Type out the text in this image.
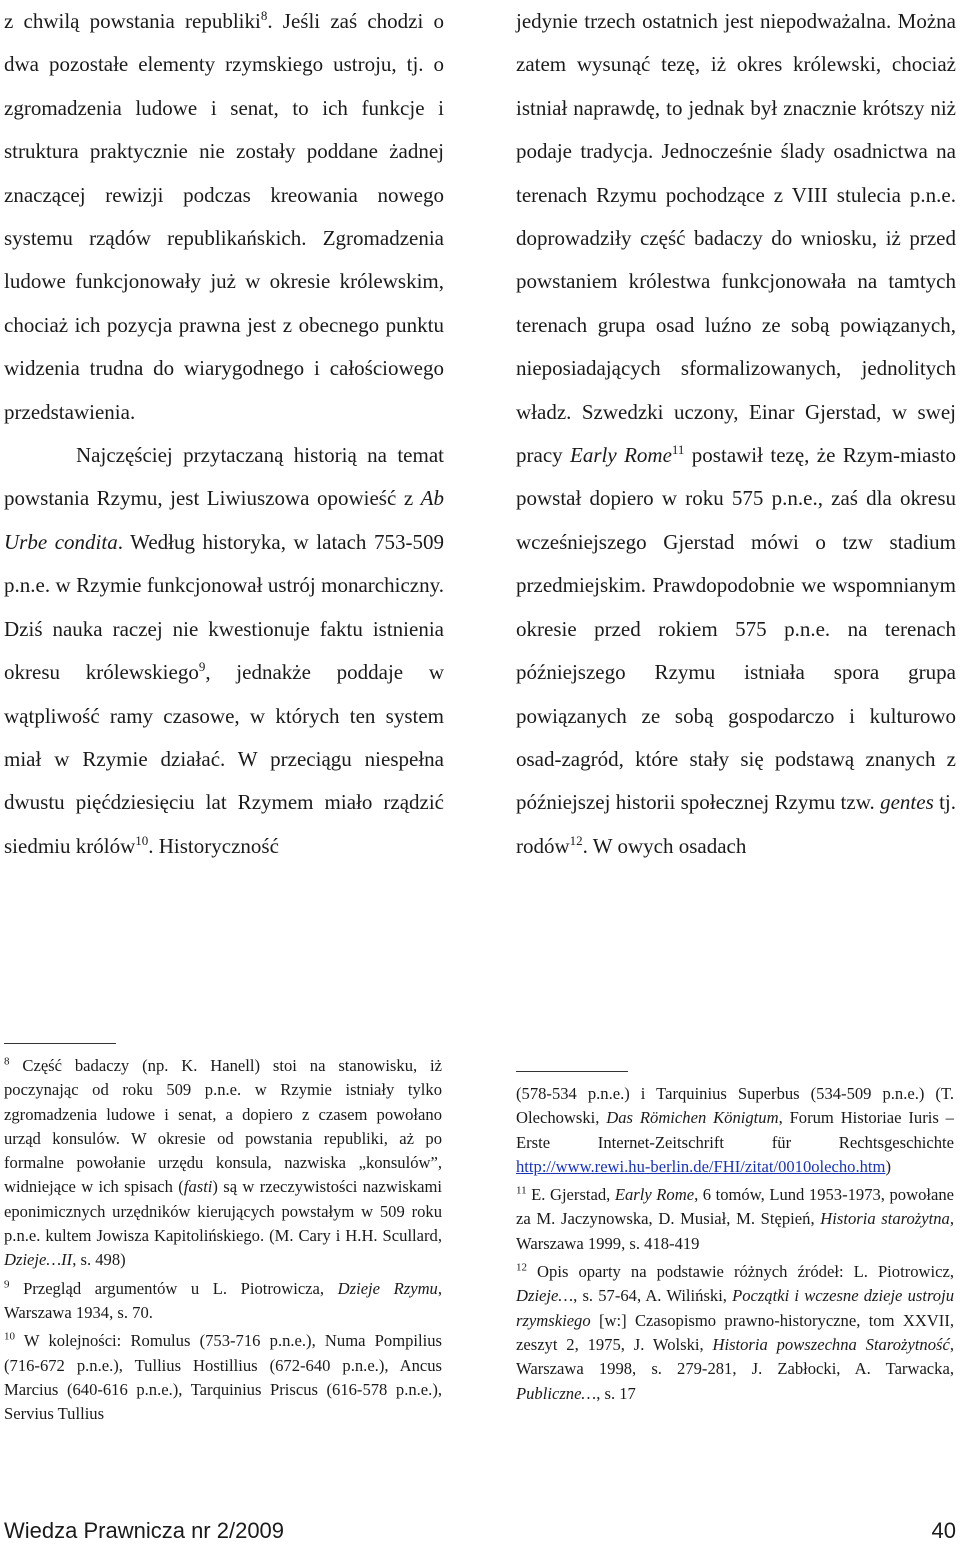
z chwilą powstania republiki$^8$. Jeśli zaś chodzi o dwa pozostałe elementy rzymskiego ustroju, tj. o zgromadzenia ludowe i senat, to ich funkcje i struktura praktycznie nie zostały poddane żadnej znaczącej rewizji podczas kreowania nowego systemu rządów republikańskich. Zgromadzenia ludowe funkcjonowały już w okresie królewskim, chociaż ich pozycja prawna jest z obecnego punktu widzenia trudna do wiarygodnego i całościowego przedstawienia.

Najczęściej przytaczaną historią na temat powstania Rzymu, jest Liwiuszowa opowieść z Ab Urbe condita. Według historyka, w latach 753-509 p.n.e. w Rzymie funkcjonował ustrój monarchiczny. Dziś nauka raczej nie kwestionuje faktu istnienia okresu królewskiego$^9$, jednakże poddaje w wątpliwość ramy czasowe, w których ten system miał w Rzymie działać. W przeciągu niespełna dwustu pięćdziesięciu lat Rzymem miało rządzić siedmiu królów$^{10}$. Historyczność

jedynie trzech ostatnich jest niepodważalna. Można zatem wysunąć tezę, iż okres królewski, chociaż istniał naprawdę, to jednak był znacznie krótszy niż podaje tradycja. Jednocześnie ślady osadnictwa na terenach Rzymu pochodzące z VIII stulecia p.n.e. doprowadziły część badaczy do wniosku, iż przed powstaniem królestwa funkcjonowała na tamtych terenach grupa osad luźno ze sobą powiązanych, nieposiadających sformalizowanych, jednolitych władz. Szwedzki uczony, Einar Gjerstad, w swej pracy Early Rome$^{11}$ postawił tezę, że Rzym-miasto powstał dopiero w roku 575 p.n.e., zaś dla okresu wcześniejszego Gjerstad mówi o tzw stadium przedmiejskim. Prawdopodobnie we wspomnianym okresie przed rokiem 575 p.n.e. na terenach późniejszego Rzymu istniała spora grupa powiązanych ze sobą gospodarczo i kulturowo osad-zagród, które stały się podstawą znanych z późniejszej historii społecznej Rzymu tzw. gentes tj. rodów$^{12}$. W owych osadach

$^8$ Część badaczy (np. K. Hanell) stoi na stanowisku, iż poczynając od roku 509 p.n.e. w Rzymie istniały tylko zgromadzenia ludowe i senat, a dopiero z czasem powołano urząd konsulów. W okresie od powstania republiki, aż po formalne powołanie urzędu konsula, nazwiska „konsulów”, widniejące w ich spisach (fasti) są w rzeczywistości nazwiskami eponimicznych urzędników kierujących powstałym w 509 roku p.n.e. kultem Jowisza Kapitolińskiego. (M. Cary i H.H. Scullard, Dzieje…II, s. 498)

$^9$ Przegląd argumentów u L. Piotrowicza, Dzieje Rzymu, Warszawa 1934, s. 70.

$^{10}$ W kolejności: Romulus (753-716 p.n.e.), Numa Pompilius (716-672 p.n.e.), Tullius Hostillius (672-640 p.n.e.), Ancus Marcius (640-616 p.n.e.), Tarquinius Priscus (616-578 p.n.e.), Servius Tullius

(578-534 p.n.e.) i Tarquinius Superbus (534-509 p.n.e.) (T. Olechowski, Das Römichen Königtum, Forum Historiae Iuris – Erste Internet-Zeitschrift für Rechtsgeschichte http://www.rewi.hu-berlin.de/FHI/zitat/0010olecho.htm)

$^{11}$ E. Gjerstad, Early Rome, 6 tomów, Lund 1953-1973, powołane za M. Jaczynowska, D. Musiał, M. Stępień, Historia starożytna, Warszawa 1999, s. 418-419

$^{12}$ Opis oparty na podstawie różnych źródeł: L. Piotrowicz, Dzieje…, s. 57-64, A. Wiliński, Początki i wczesne dzieje ustroju rzymskiego [w:] Czasopismo prawno-historyczne, tom XXVII, zeszyt 2, 1975, J. Wolski, Historia powszechna Starożytność, Warszawa 1998, s. 279-281, J. Zabłocki, A. Tarwacka, Publiczne…, s. 17

Wiedza Prawnicza nr 2/2009	40
